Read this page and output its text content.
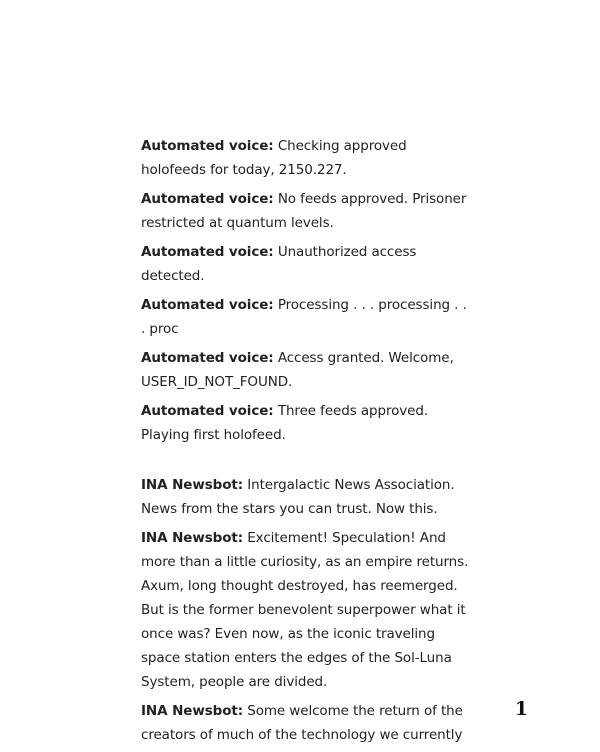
Automated voice: Checking approved holofeeds for today, 2150.227.

Automated voice: No feeds approved. Prisoner restricted at quantum levels.

Automated voice: Unauthorized access detected.

Automated voice: Processing . . . processing . . . proc

Automated voice: Access granted. Welcome, USER_ID_NOT_FOUND.

Automated voice: Three feeds approved. Playing first holofeed.

INA Newsbot: Intergalactic News Association. News from the stars you can trust. Now this.

INA Newsbot: Excitement! Speculation! And more than a little curiosity, as an empire returns. Axum, long thought destroyed, has reemerged. But is the former benevolent superpower what it once was? Even now, as the iconic traveling space station enters the edges of the Sol-Luna System, people are divided.

INA Newsbot: Some welcome the return of the creators of much of the technology we currently

1
